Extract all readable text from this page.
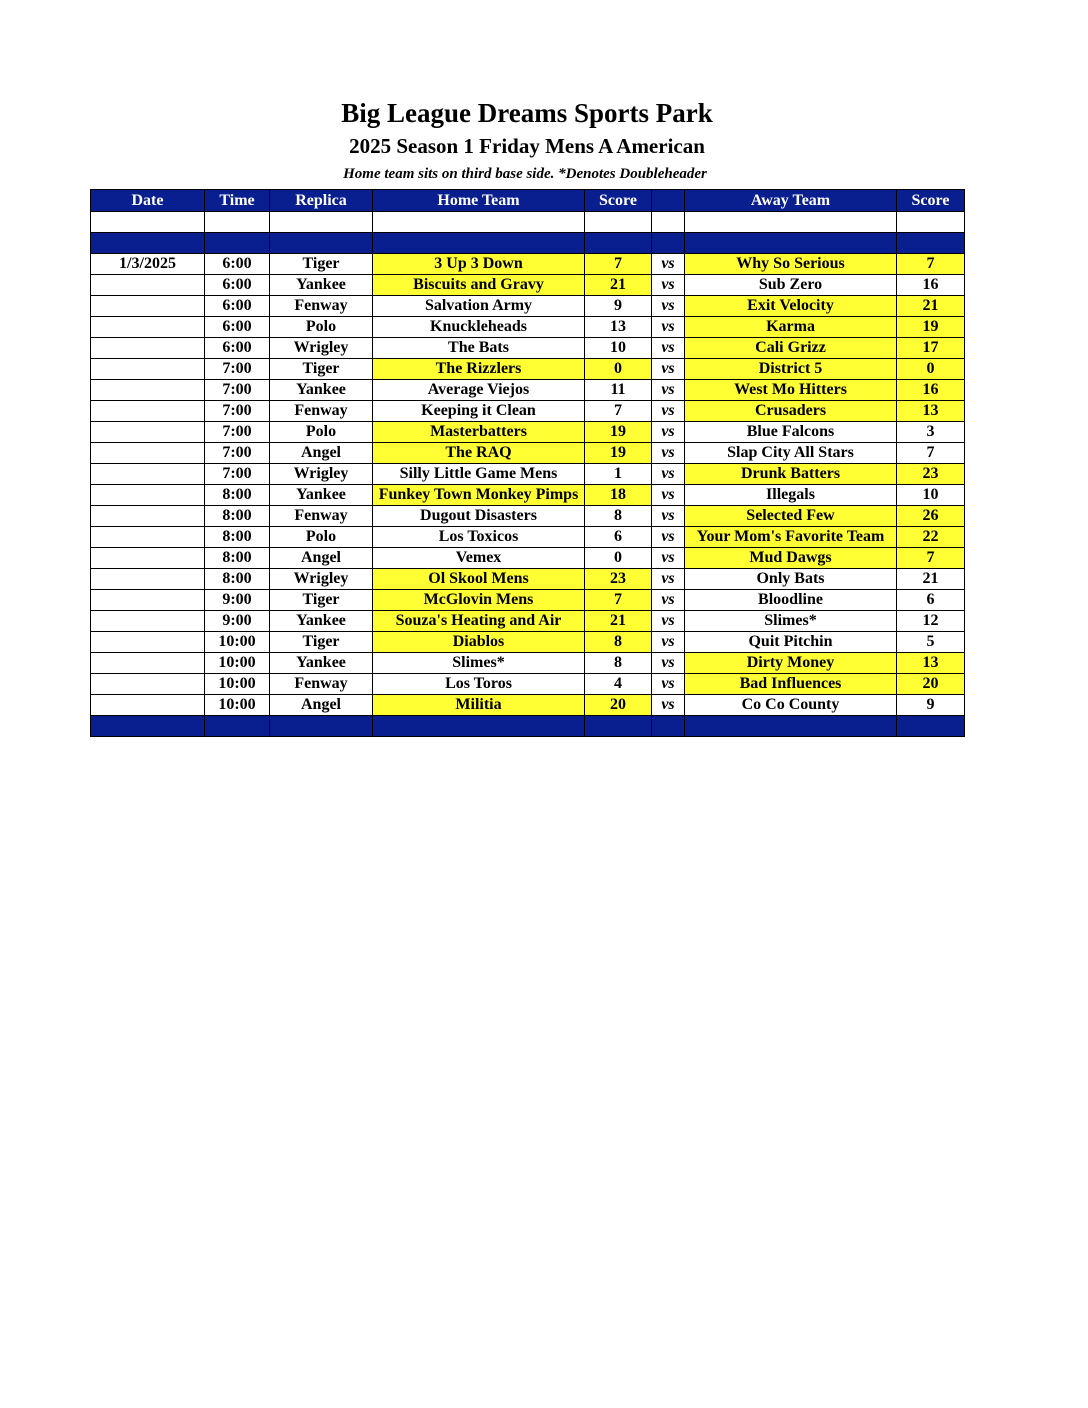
Big League Dreams Sports Park
2025 Season 1 Friday Mens A American
Home team sits on third base side. *Denotes Doubleheader
Date	Time	Replica	Home Team	Score		Away Team	Score

1/3/2025	6:00	Tiger	3 Up 3 Down	7	vs	Why So Serious	7
	6:00	Yankee	Biscuits and Gravy	21	vs	Sub Zero	16
	6:00	Fenway	Salvation Army	9	vs	Exit Velocity	21
	6:00	Polo	Knuckleheads	13	vs	Karma	19
	6:00	Wrigley	The Bats	10	vs	Cali Grizz	17
	7:00	Tiger	The Rizzlers	0	vs	District 5	0
	7:00	Yankee	Average Viejos	11	vs	West Mo Hitters	16
	7:00	Fenway	Keeping it Clean	7	vs	Crusaders	13
	7:00	Polo	Masterbatters	19	vs	Blue Falcons	3
	7:00	Angel	The RAQ	19	vs	Slap City All Stars	7
	7:00	Wrigley	Silly Little Game Mens	1	vs	Drunk Batters	23
	8:00	Yankee	Funkey Town Monkey Pimps	18	vs	Illegals	10
	8:00	Fenway	Dugout Disasters	8	vs	Selected Few	26
	8:00	Polo	Los Toxicos	6	vs	Your Mom's Favorite Team	22
	8:00	Angel	Vemex	0	vs	Mud Dawgs	7
	8:00	Wrigley	Ol Skool Mens	23	vs	Only Bats	21
	9:00	Tiger	McGlovin Mens	7	vs	Bloodline	6
	9:00	Yankee	Souza's Heating and Air	21	vs	Slimes*	12
	10:00	Tiger	Diablos	8	vs	Quit Pitchin	5
	10:00	Yankee	Slimes*	8	vs	Dirty Money	13
	10:00	Fenway	Los Toros	4	vs	Bad Influences	20
	10:00	Angel	Militia	20	vs	Co Co County	9
